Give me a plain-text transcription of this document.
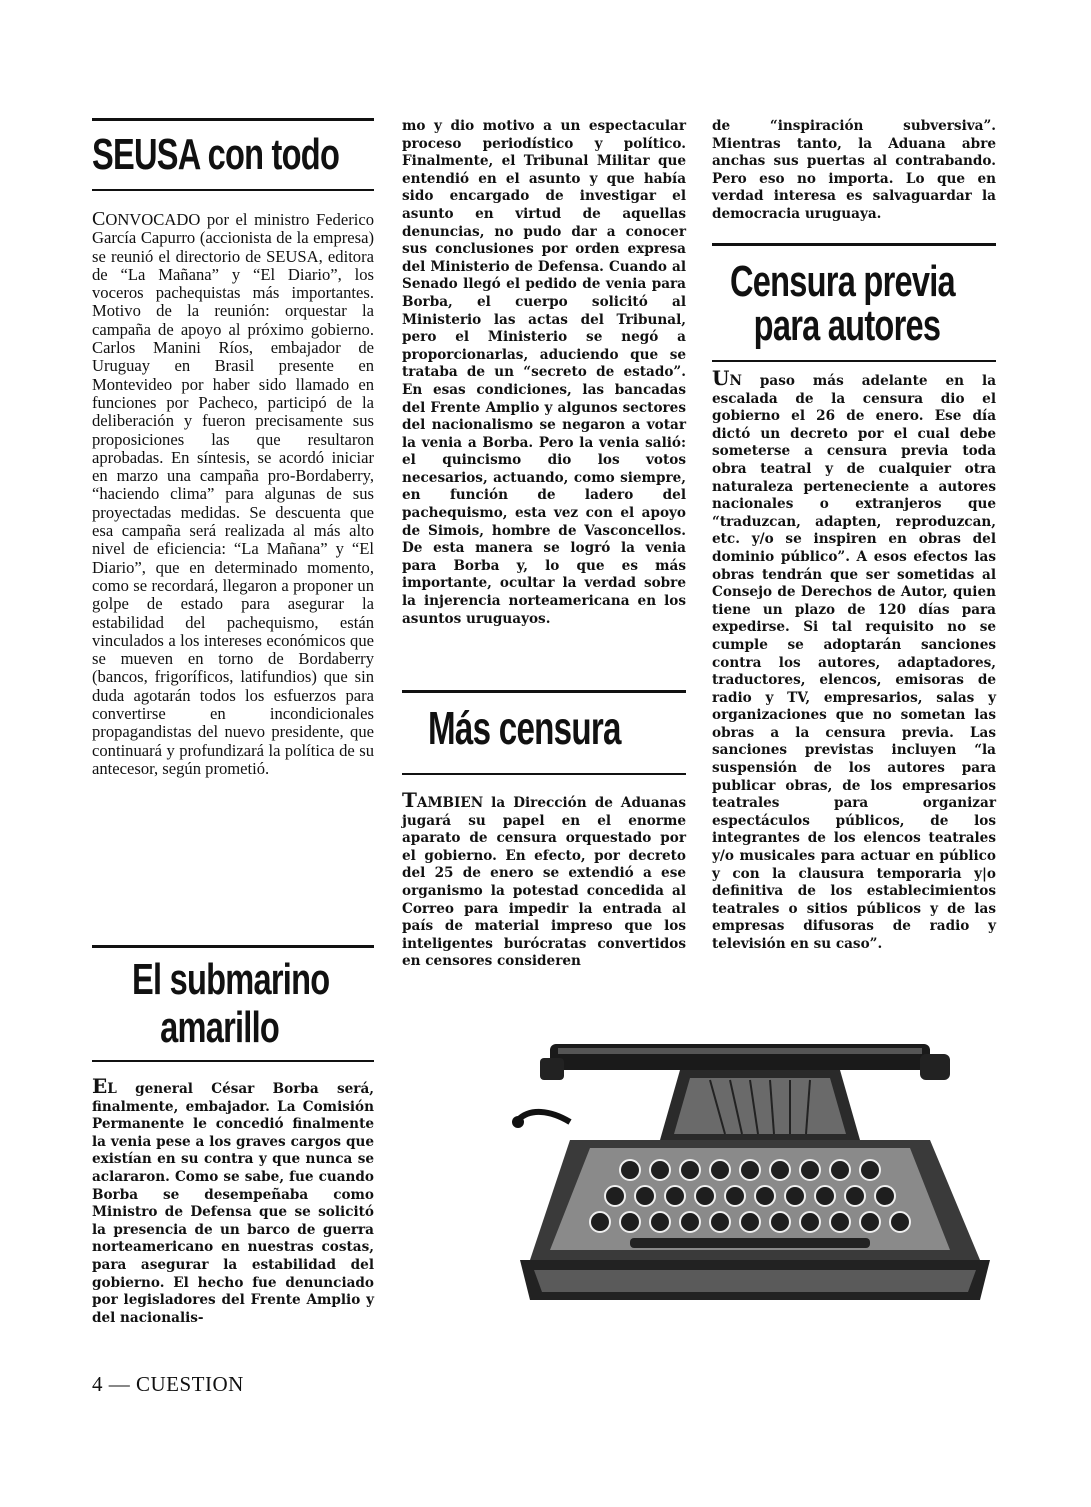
SEUSA con todo

CONVOCADO por el ministro Federico García Capurro (accionista de la empresa) se reunió el directorio de SEUSA, editora de “La Mañana” y “El Diario”, los voceros pachequistas más importantes. Motivo de la reunión: orquestar la campaña de apoyo al próximo gobierno. Carlos Manini Ríos, embajador de Uruguay en Brasil presente en Montevideo por haber sido llamado en funciones por Pacheco, participó de la deliberación y fueron precisamente sus proposiciones las que resultaron aprobadas. En síntesis, se acordó iniciar en marzo una campaña pro-Bordaberry, “haciendo clima” para algunas de sus proyectadas medidas. Se descuenta que esa campaña será realizada al más alto nivel de eficiencia: “La Mañana” y “El Diario”, que en determinado momento, como se recordará, llegaron a proponer un golpe de estado para asegurar la estabilidad del pachequismo, están vinculados a los intereses económicos que se mueven en torno de Bordaberry (bancos, frigoríficos, latifundios) que sin duda agotarán todos los esfuerzos para convertirse en incondicionales propagandistas del nuevo presidente, que continuará y profundizará la política de su antecesor, según prometió.

El submarino
amarillo

EL general César Borba será, finalmente, embajador. La Comisión Permanente le concedió finalmente la venia pese a los graves cargos que existían en su contra y que nunca se aclararon. Como se sabe, fue cuando Borba se desempeñaba como Ministro de Defensa que se solicitó la presencia de un barco de guerra norteamericano en nuestras costas, para asegurar la estabilidad del gobierno. El hecho fue denunciado por legisladores del Frente Amplio y del nacionalis-

4 — CUESTION

mo y dio motivo a un espectacular proceso periodístico y político. Finalmente, el Tribunal Militar que entendió en el asunto y que había sido encargado de investigar el asunto en virtud de aquellas denuncias, no pudo dar a conocer sus conclusiones por orden expresa del Ministerio de Defensa. Cuando al Senado llegó el pedido de venia para Borba, el cuerpo solicitó al Ministerio las actas del Tribunal, pero el Ministerio se negó a proporcionarlas, aduciendo que se trataba de un “secreto de estado”. En esas condiciones, las bancadas del Frente Amplio y algunos sectores del nacionalismo se negaron a votar la venia a Borba. Pero la venia salió: el quincismo dio los votos necesarios, actuando, como siempre, en función de ladero del pachequismo, esta vez con el apoyo de Simois, hombre de Vasconcellos. De esta manera se logró la venia para Borba y, lo que es más importante, ocultar la verdad sobre la injerencia norteamericana en los asuntos uruguayos.

Más censura

TAMBIEN la Dirección de Aduanas jugará su papel en el enorme aparato de censura orquestado por el gobierno. En efecto, por decreto del 25 de enero se extendió a ese organismo la potestad concedida al Correo para impedir la entrada al país de material impreso que los inteligentes burócratas convertidos en censores consideren

de “inspiración subversiva”. Mientras tanto, la Aduana abre anchas sus puertas al contrabando. Pero eso no importa. Lo que en verdad interesa es salvaguardar la democracia uruguaya.

Censura previa
para autores

UN paso más adelante en la escalada de la censura dio el gobierno el 26 de enero. Ese día dictó un decreto por el cual debe someterse a censura previa toda obra teatral y de cualquier otra naturaleza perteneciente a autores nacionales o extranjeros que “traduzcan, adapten, reproduzcan, etc. y/o se inspiren en obras del dominio público”. A esos efectos las obras tendrán que ser sometidas al Consejo de Derechos de Autor, quien tiene un plazo de 120 días para expedirse. Si tal requisito no se cumple se adoptarán sanciones contra los autores, adaptadores, traductores, elencos, emisoras de radio y TV, empresarios, salas y organizaciones que no sometan las obras a la censura previa. Las sanciones previstas incluyen “la suspensión de los autores para publicar obras, de los empresarios teatrales para organizar espectáculos públicos, de los integrantes de los elencos teatrales y/o musicales para actuar en público y con la clausura temporaria y|o definitiva de los establecimientos teatrales o sitios públicos y de las empresas difusoras de radio y televisión en su caso”.
